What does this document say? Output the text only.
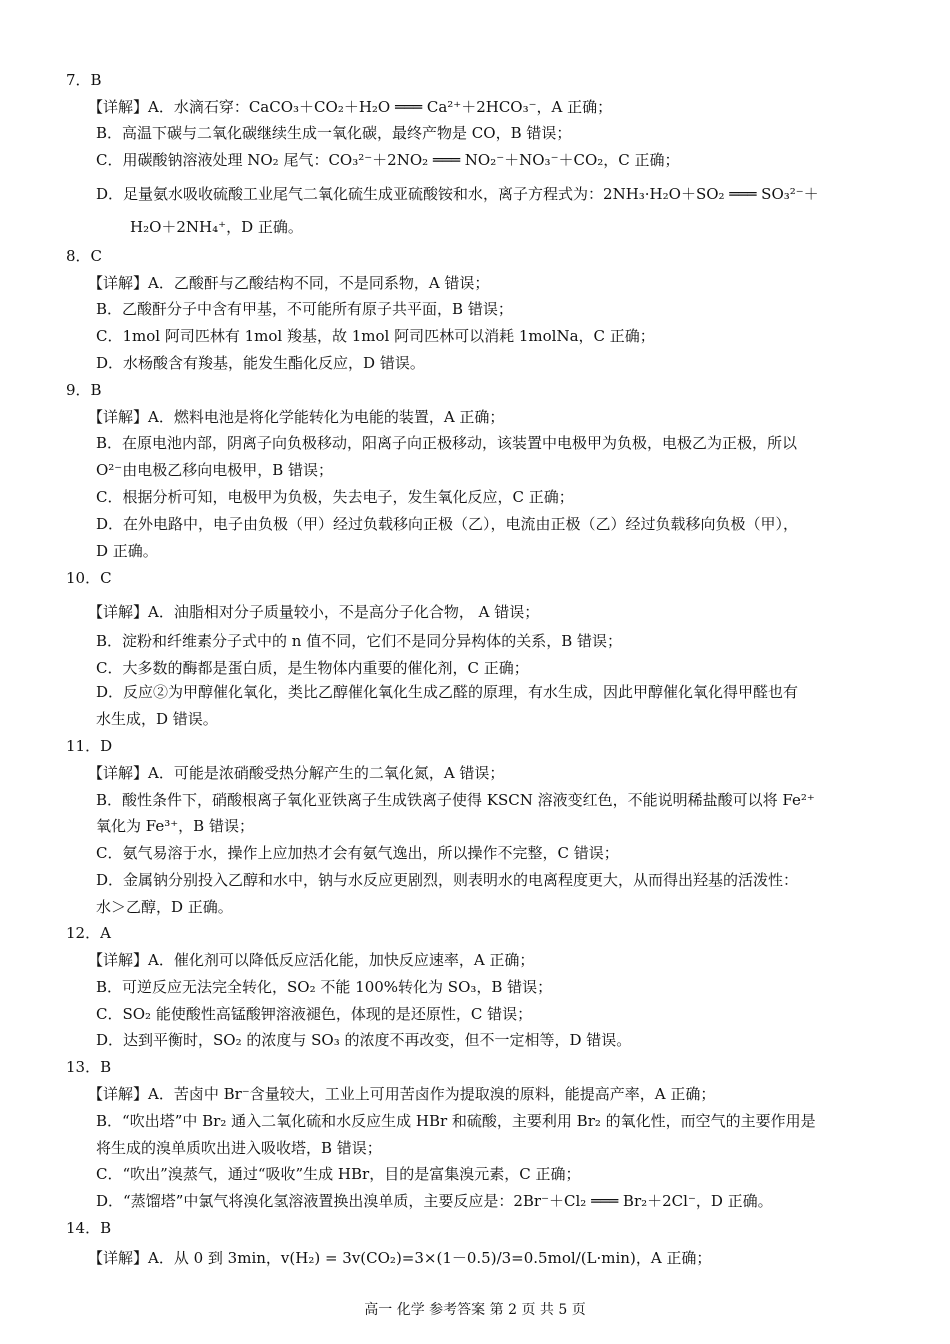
7．B
【详解】A．水滴石穿：CaCO₃＋CO₂＋H₂O ═══ Ca²⁺＋2HCO₃⁻，A 正确；
B．高温下碳与二氧化碳继续生成一氧化碳，最终产物是 CO，B 错误；
C．用碳酸钠溶液处理 NO₂ 尾气：CO₃²⁻＋2NO₂ ═══ NO₂⁻＋NO₃⁻＋CO₂，C 正确；
D．足量氨水吸收硫酸工业尾气二氧化硫生成亚硫酸铵和水，离子方程式为：2NH₃·H₂O＋SO₂ ═══ SO₃²⁻＋
H₂O＋2NH₄⁺，D 正确。
8．C
【详解】A．乙酸酐与乙酸结构不同，不是同系物，A 错误；
B．乙酸酐分子中含有甲基，不可能所有原子共平面，B 错误；
C．1mol 阿司匹林有 1mol 羧基，故 1mol 阿司匹林可以消耗 1molNa，C 正确；
D．水杨酸含有羧基，能发生酯化反应，D 错误。
9．B
【详解】A．燃料电池是将化学能转化为电能的装置，A 正确；
B．在原电池内部，阴离子向负极移动，阳离子向正极移动，该装置中电极甲为负极，电极乙为正极，所以
O²⁻由电极乙移向电极甲，B 错误；
C．根据分析可知，电极甲为负极，失去电子，发生氧化反应，C 正确；
D．在外电路中，电子由负极（甲）经过负载移向正极（乙），电流由正极（乙）经过负载移向负极（甲），
D 正确。
10．C
【详解】A．油脂相对分子质量较小，不是高分子化合物， A 错误；
B．淀粉和纤维素分子式中的 n 值不同，它们不是同分异构体的关系，B 错误；
C．大多数的酶都是蛋白质，是生物体内重要的催化剂，C 正确；
D．反应②为甲醇催化氧化，类比乙醇催化氧化生成乙醛的原理，有水生成，因此甲醇催化氧化得甲醛也有
水生成，D 错误。
11．D
【详解】A．可能是浓硝酸受热分解产生的二氧化氮，A 错误；
B．酸性条件下，硝酸根离子氧化亚铁离子生成铁离子使得 KSCN 溶液变红色，不能说明稀盐酸可以将 Fe²⁺
氧化为 Fe³⁺，B 错误；
C．氨气易溶于水，操作上应加热才会有氨气逸出，所以操作不完整，C 错误；
D．金属钠分别投入乙醇和水中，钠与水反应更剧烈，则表明水的电离程度更大，从而得出羟基的活泼性：
水＞乙醇，D 正确。
12．A
【详解】A．催化剂可以降低反应活化能，加快反应速率，A 正确；
B．可逆反应无法完全转化，SO₂ 不能 100%转化为 SO₃，B 错误；
C．SO₂ 能使酸性高锰酸钾溶液褪色，体现的是还原性，C 错误；
D．达到平衡时，SO₂ 的浓度与 SO₃ 的浓度不再改变，但不一定相等，D 错误。
13．B
【详解】A．苦卤中 Br⁻含量较大，工业上可用苦卤作为提取溴的原料，能提高产率，A 正确；
B．“吹出塔”中 Br₂ 通入二氧化硫和水反应生成 HBr 和硫酸，主要利用 Br₂ 的氧化性，而空气的主要作用是
将生成的溴单质吹出进入吸收塔，B 错误；
C．“吹出”溴蒸气，通过“吸收”生成 HBr，目的是富集溴元素，C 正确；
D．“蒸馏塔”中氯气将溴化氢溶液置换出溴单质，主要反应是：2Br⁻＋Cl₂ ═══ Br₂＋2Cl⁻，D 正确。
14．B
【详解】A．从 0 到 3min，v(H₂) = 3v(CO₂)=3×(1－0.5)/3=0.5mol/(L·min)，A 正确；
高一 化学 参考答案 第 2 页 共 5 页
